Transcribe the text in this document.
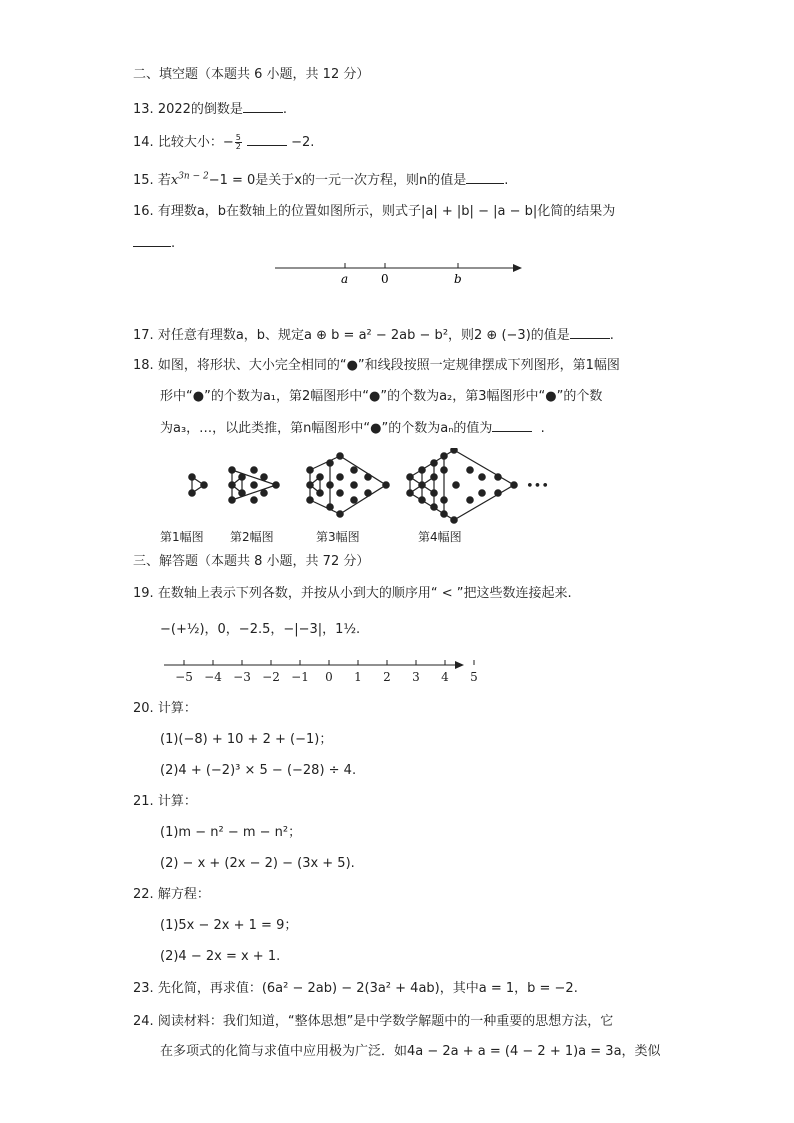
二、填空题（本题共 6 小题，共 12 分）
13. 2022的倒数是	.
14. 比较大小：− $\frac{5}{2}$	−2.
15. 若$x^{3n - 2}-1 = 0$是关于x的一元一次方程，则n的值是	.
16. 有理数a，b在数轴上的位置如图所示，则式子|a| + |b| − |a − b|化简的结果为
.
a	0	b
17. 对任意有理数a，b、规定a ⊕ b = a² − 2ab − b²，则2 ⊕ (−3)的值是	.
18. 如图，将形状、大小完全相同的“●”和线段按照一定规律摆成下列图形，第1幅图
形中“●”的个数为a₁，第2幅图形中“●”的个数为a₂，第3幅图形中“●”的个数
为a₃，…，以此类推，第n幅图形中“●”的个数为aₙ的值为	.
•••
第1幅图 第2幅图	第3幅图	第4幅图
三、解答题（本题共 8 小题，共 72 分）
19. 在数轴上表示下列各数，并按从小到大的顺序用“ < ”把这些数连接起来.
−(+½)，0，−2.5，−|−3|，1½.
−5 −4 −3 −2 −1 0 1 2 3 4 5
20. 计算：
(1)(−8) + 10 + 2 + (−1)；
(2)4 + (−2)³ × 5 − (−28) ÷ 4.
21. 计算：
(1)m − n² − m − n²；
(2) − x + (2x − 2) − (3x + 5).
22. 解方程：
(1)5x − 2x + 1 = 9；
(2)4 − 2x = x + 1.
23. 先化简，再求值：(6a² − 2ab) − 2(3a² + 4ab)，其中a = 1，b = −2.
24. 阅读材料：我们知道，“整体思想”是中学数学解题中的一种重要的思想方法，它
在多项式的化简与求值中应用极为广泛．如4a − 2a + a = (4 − 2 + 1)a = 3a，类似
